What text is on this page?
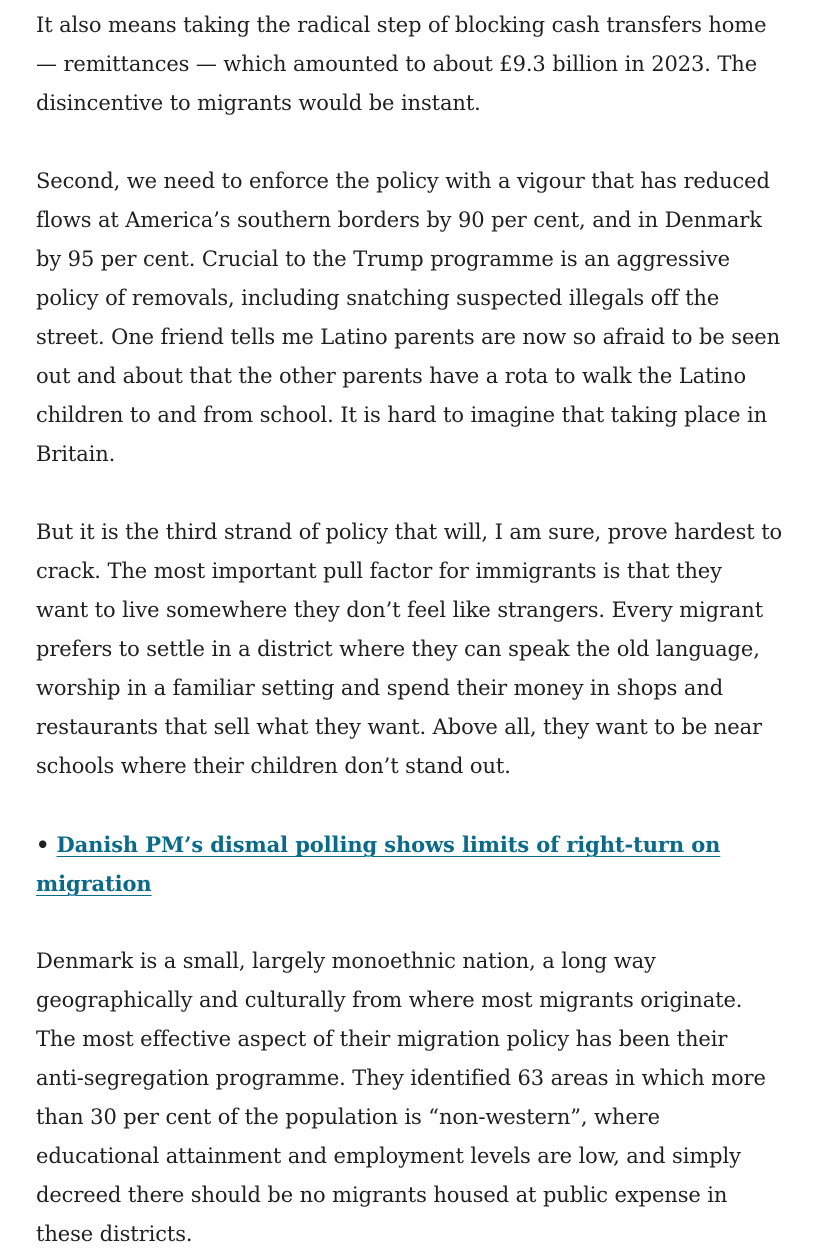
It also means taking the radical step of blocking cash transfers home
— remittances — which amounted to about £9.3 billion in 2023. The
disincentive to migrants would be instant.

Second, we need to enforce the policy with a vigour that has reduced
flows at America’s southern borders by 90 per cent, and in Denmark
by 95 per cent. Crucial to the Trump programme is an aggressive
policy of removals, including snatching suspected illegals off the
street. One friend tells me Latino parents are now so afraid to be seen
out and about that the other parents have a rota to walk the Latino
children to and from school. It is hard to imagine that taking place in
Britain.

But it is the third strand of policy that will, I am sure, prove hardest to
crack. The most important pull factor for immigrants is that they
want to live somewhere they don’t feel like strangers. Every migrant
prefers to settle in a district where they can speak the old language,
worship in a familiar setting and spend their money in shops and
restaurants that sell what they want. Above all, they want to be near
schools where their children don’t stand out.

• Danish PM’s dismal polling shows limits of right-turn on migration

Denmark is a small, largely monoethnic nation, a long way
geographically and culturally from where most migrants originate.
The most effective aspect of their migration policy has been their
anti-segregation programme. They identified 63 areas in which more
than 30 per cent of the population is “non-western”, where
educational attainment and employment levels are low, and simply
decreed there should be no migrants housed at public expense in
these districts.
